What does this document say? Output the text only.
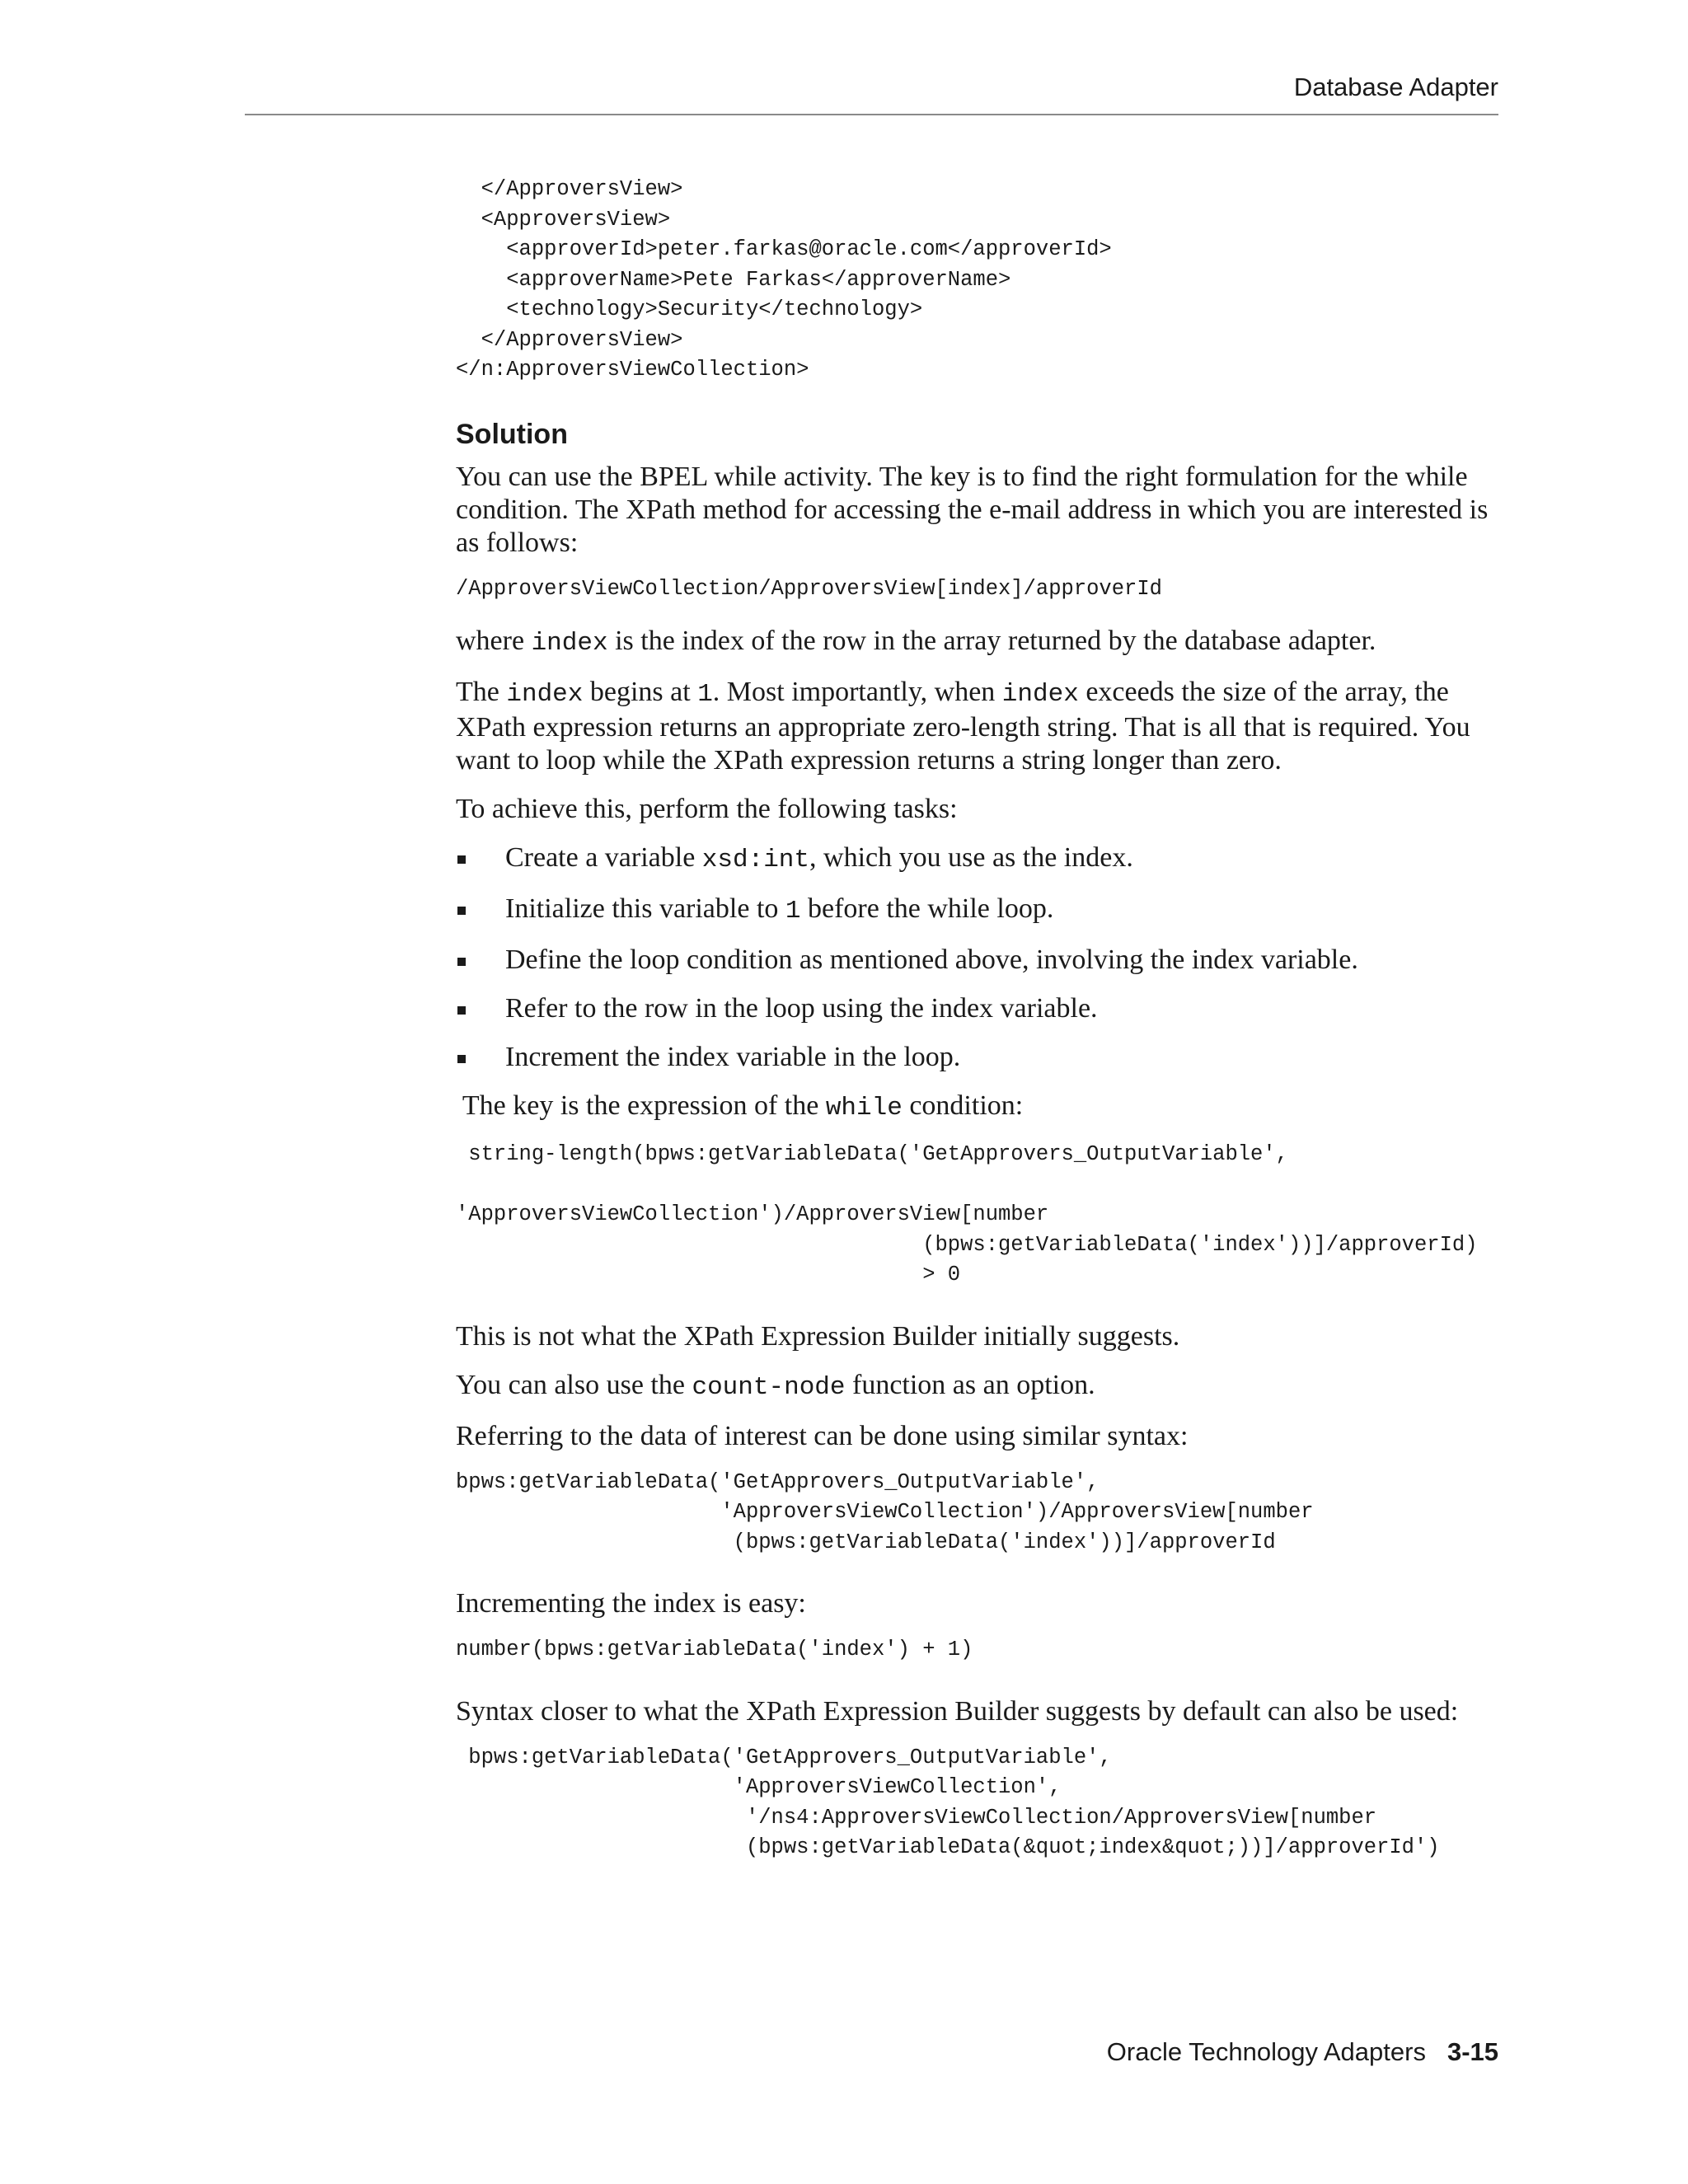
Database Adapter
</ApproversView>
<ApproversView>
<approverId>peter.farkas@oracle.com</approverId>
<approverName>Pete Farkas</approverName>
<technology>Security</technology>
</ApproversView>
</n:ApproversViewCollection>
Solution

You can use the BPEL while activity. The key is to find the right formulation for the while condition. The XPath method for accessing the e-mail address in which you are interested is as follows:

/ApproversViewCollection/ApproversView[index]/approverId

where index is the index of the row in the array returned by the database adapter.

The index begins at 1. Most importantly, when index exceeds the size of the array, the XPath expression returns an appropriate zero-length string. That is all that is required. You want to loop while the XPath expression returns a string longer than zero.

To achieve this, perform the following tasks:

Create a variable xsd:int, which you use as the index.
Initialize this variable to 1 before the while loop.
Define the loop condition as mentioned above, involving the index variable.
Refer to the row in the loop using the index variable.
Increment the index variable in the loop.

The key is the expression of the while condition:

string-length(bpws:getVariableData('GetApprovers_OutputVariable',

'ApproversViewCollection')/ApproversView[number
(bpws:getVariableData('index'))]/approverId)
> 0

This is not what the XPath Expression Builder initially suggests.

You can also use the count-node function as an option.

Referring to the data of interest can be done using similar syntax:

bpws:getVariableData('GetApprovers_OutputVariable',
'ApproversViewCollection')/ApproversView[number
(bpws:getVariableData('index'))]/approverId

Incrementing the index is easy:

number(bpws:getVariableData('index') + 1)

Syntax closer to what the XPath Expression Builder suggests by default can also be used:

bpws:getVariableData('GetApprovers_OutputVariable',
'ApproversViewCollection',
'/ns4:ApproversViewCollection/ApproversView[number
(bpws:getVariableData(&quot;index&quot;))]/approverId')
Oracle Technology Adapters 3-15
